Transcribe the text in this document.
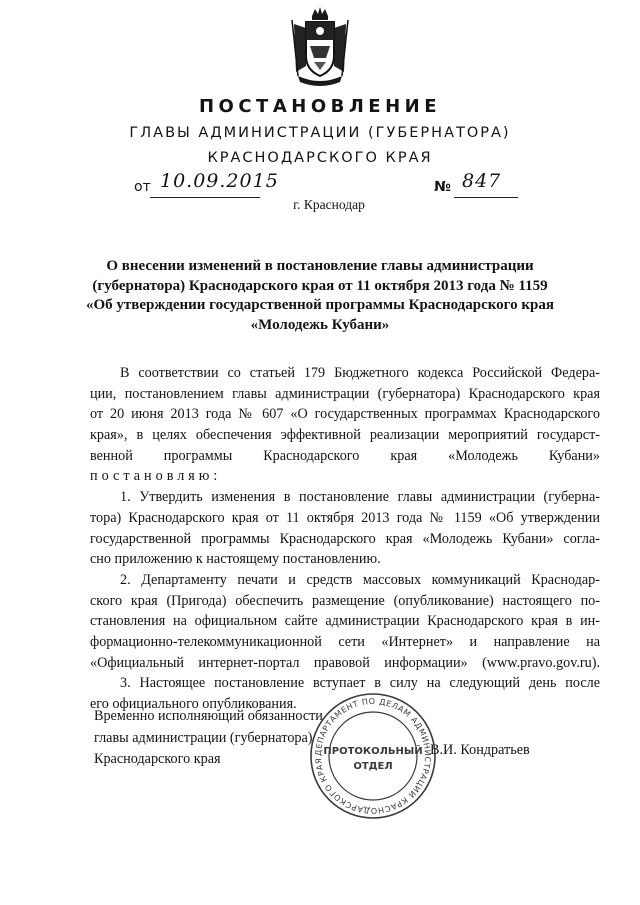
ПОСТАНОВЛЕНИЕ
ГЛАВЫ АДМИНИСТРАЦИИ (ГУБЕРНАТОРА)
КРАСНОДАРСКОГО КРАЯ
от 10.09.2015	№ 847
г. Краснодар
О внесении изменений в постановление главы администрации
(губернатора) Краснодарского края от 11 октября 2013 года № 1159
«Об утверждении государственной программы Краснодарского края
«Молодежь Кубани»
В соответствии со статьей 179 Бюджетного кодекса Российской Федера-
ции, постановлением главы администрации (губернатора) Краснодарского края
от 20 июня 2013 года № 607 «О государственных программах Краснодарского
края», в целях обеспечения эффективной реализации мероприятий государст-
венной программы Краснодарского края «Молодежь Кубани»
постановляю:
1. Утвердить изменения в постановление главы администрации (губерна-
тора) Краснодарского края от 11 октября 2013 года № 1159 «Об утверждении
государственной программы Краснодарского края «Молодежь Кубани» согла-
сно приложению к настоящему постановлению.
2. Департаменту печати и средств массовых коммуникаций Краснодар-
ского края (Пригода) обеспечить размещение (опубликование) настоящего по-
становления на официальном сайте администрации Краснодарского края в ин-
формационно-телекоммуникационной сети «Интернет» и направление на
«Официальный интернет-портал правовой информации» (www.pravo.gov.ru).
3. Настоящее постановление вступает в силу на следующий день после
его официального опубликования.
Временно исполняющий обязанности
главы администрации (губернатора)
Краснодарского края
В.И. Кондратьев
ДЕПАРТАМЕНТ ПО ДЕЛАМ АДМИНИСТРАЦИИ КРАСНОДАРСКОГО КРАЯ
ПРОТОКОЛЬНЫЙ
ОТДЕЛ
